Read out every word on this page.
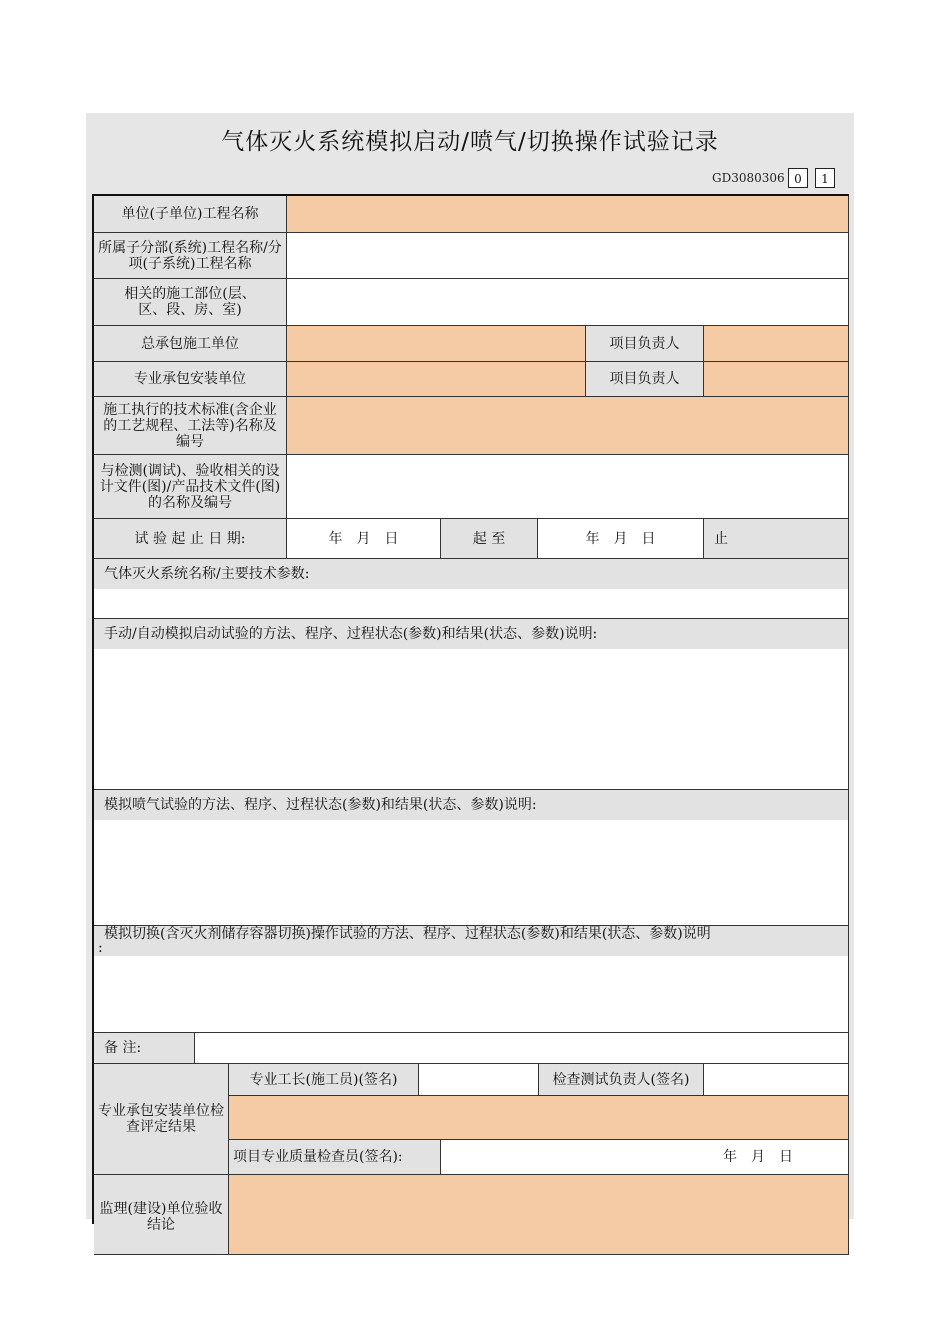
气体灭火系统模拟启动/喷气/切换操作试验记录
GD3080306 0	1
单位(子单位)工程名称
所属子分部(系统)工程名称/分项(子系统)工程名称
相关的施工部位(层、区、段、房、室)
总承包施工单位	项目负责人
专业承包安装单位	项目负责人
施工执行的技术标准(含企业的工艺规程、工法等)名称及编号
与检测(调试)、验收相关的设计文件(图)/产品技术文件(图)的名称及编号
试 验 起 止 日 期:	年　月　日	起 至	年　月　日	止
气体灭火系统名称/主要技术参数:
手动/自动模拟启动试验的方法、程序、过程状态(参数)和结果(状态、参数)说明:
模拟喷气试验的方法、程序、过程状态(参数)和结果(状态、参数)说明:
模拟切换(含灭火剂储存容器切换)操作试验的方法、程序、过程状态(参数)和结果(状态、参数)说明
:
备 注:
专业承包安装单位检查评定结果
专业工长(施工员)(签名)	检查测试负责人(签名)
项目专业质量检查员(签名):	年　月　日
监理(建设)单位验收结论
